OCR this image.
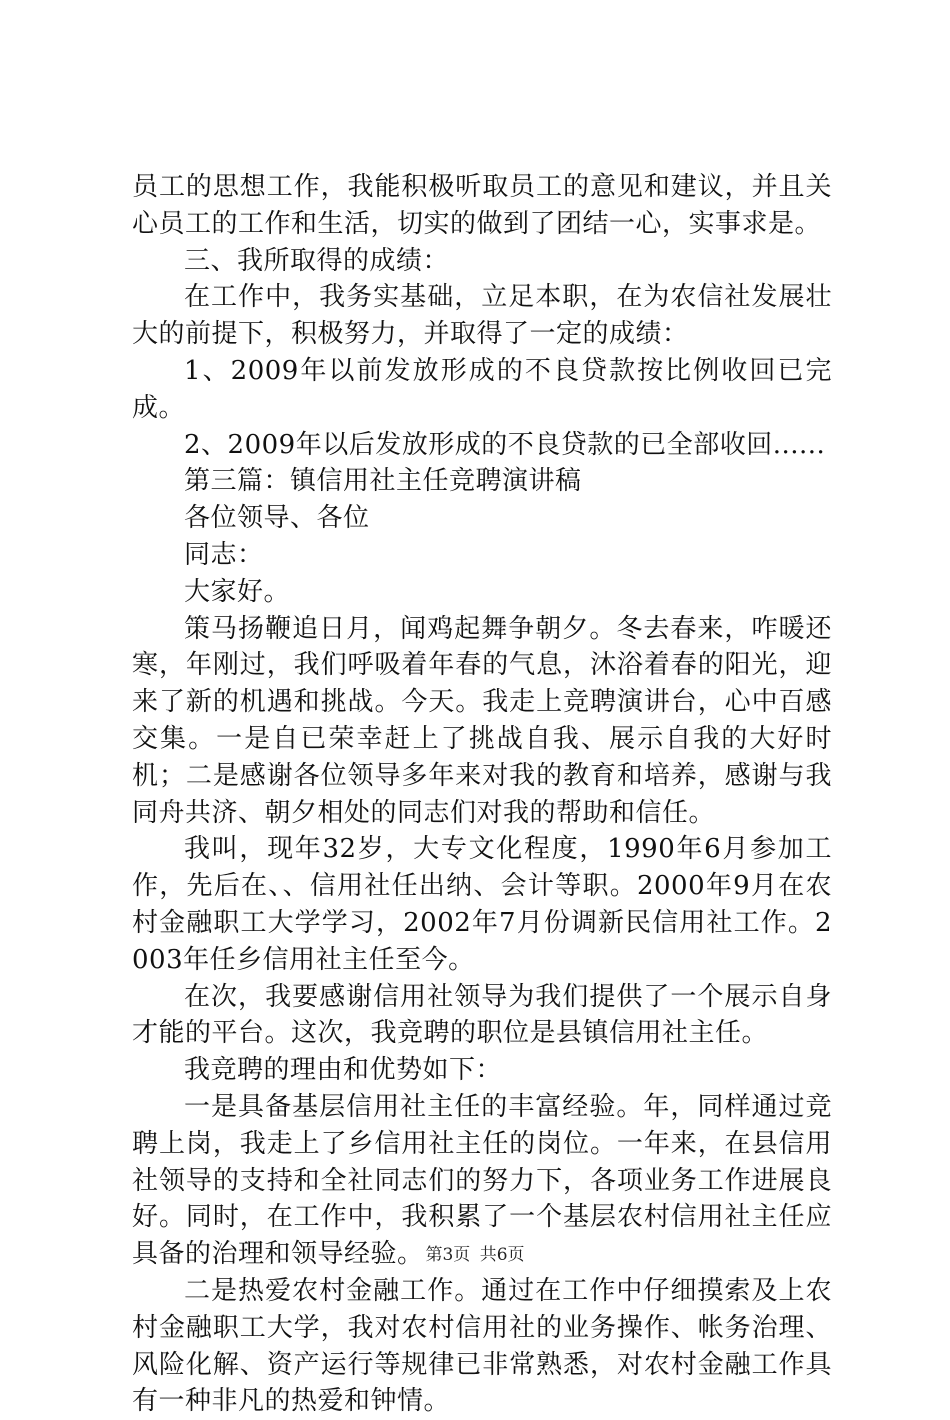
员工的思想工作，我能积极听取员工的意见和建议，并且关心员工的工作和生活，切实的做到了团结一心，实事求是。

三、我所取得的成绩：

在工作中，我务实基础，立足本职，在为农信社发展壮大的前提下，积极努力，并取得了一定的成绩：

1、2009年以前发放形成的不良贷款按比例收回已完成。

2、2009年以后发放形成的不良贷款的已全部收回......

第三篇：镇信用社主任竞聘演讲稿

各位领导、各位

同志：

大家好。

策马扬鞭追日月，闻鸡起舞争朝夕。冬去春来，咋暖还寒，年刚过，我们呼吸着年春的气息，沐浴着春的阳光，迎来了新的机遇和挑战。今天。我走上竞聘演讲台，心中百感交集。一是自已荣幸赶上了挑战自我、展示自我的大好时机；二是感谢各位领导多年来对我的教育和培养，感谢与我同舟共济、朝夕相处的同志们对我的帮助和信任。

我叫，现年32岁，大专文化程度，1990年6月参加工作，先后在、、信用社任出纳、会计等职。2000年9月在农村金融职工大学学习，2002年7月份调新民信用社工作。2003年任乡信用社主任至今。

在次，我要感谢信用社领导为我们提供了一个展示自身才能的平台。这次，我竞聘的职位是县镇信用社主任。

我竞聘的理由和优势如下：

一是具备基层信用社主任的丰富经验。年，同样通过竞聘上岗，我走上了乡信用社主任的岗位。一年来，在县信用社领导的支持和全社同志们的努力下，各项业务工作进展良好。同时，在工作中，我积累了一个基层农村信用社主任应具备的治理和领导经验。

二是热爱农村金融工作。通过在工作中仔细摸索及上农村金融职工大学，我对农村信用社的业务操作、帐务治理、风险化解、资产运行等规律已非常熟悉，对农村金融工作具有一种非凡的热爱和钟情。

第3页 共6页
